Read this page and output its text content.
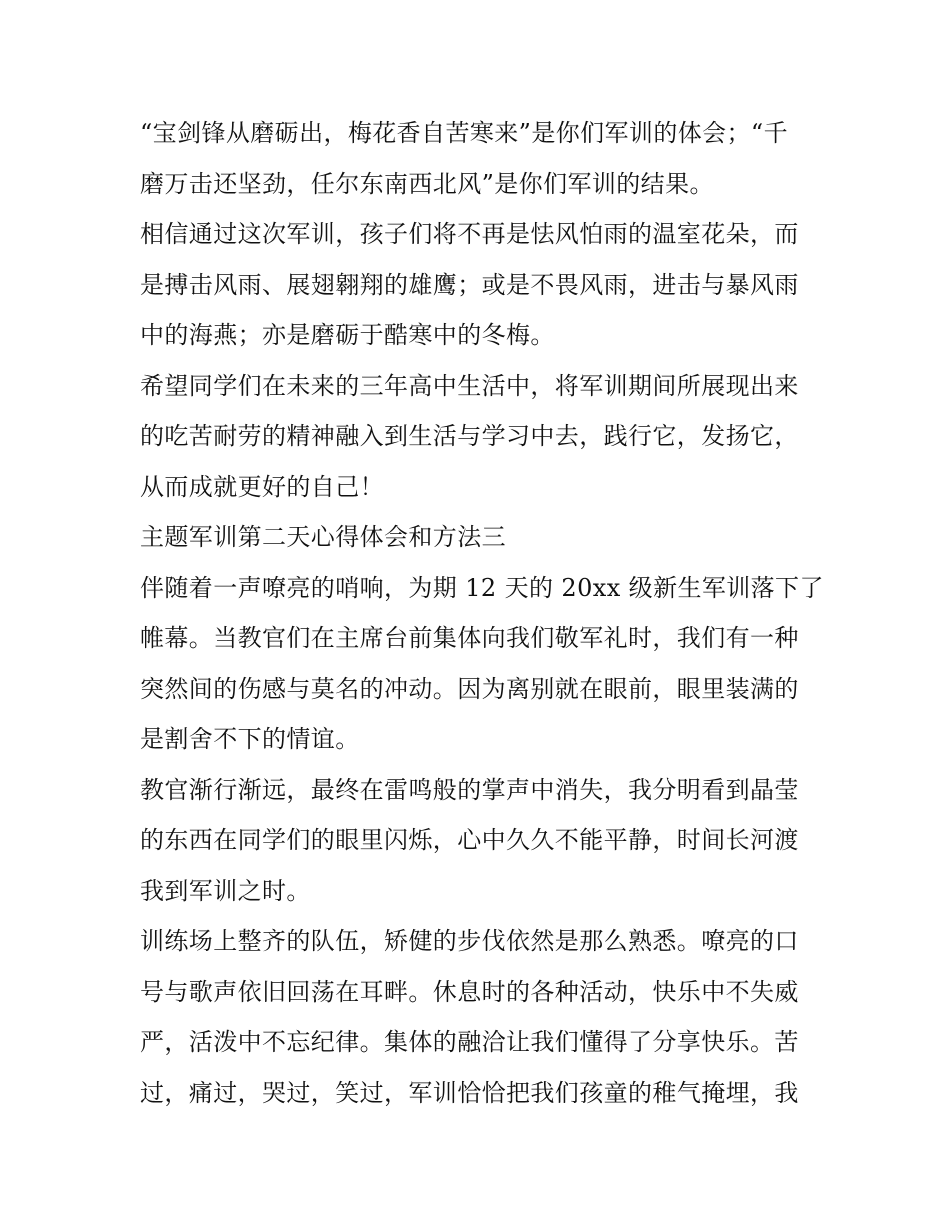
“宝剑锋从磨砺出，梅花香自苦寒来”是你们军训的体会；“千
磨万击还坚劲，任尔东南西北风”是你们军训的结果。
相信通过这次军训，孩子们将不再是怯风怕雨的温室花朵，而
是搏击风雨、展翅翱翔的雄鹰；或是不畏风雨，进击与暴风雨
中的海燕；亦是磨砺于酷寒中的冬梅。
希望同学们在未来的三年高中生活中，将军训期间所展现出来
的吃苦耐劳的精神融入到生活与学习中去，践行它，发扬它，
从而成就更好的自己！
主题军训第二天心得体会和方法三
伴随着一声嘹亮的哨响，为期 12 天的 20xx 级新生军训落下了
帷幕。当教官们在主席台前集体向我们敬军礼时，我们有一种
突然间的伤感与莫名的冲动。因为离别就在眼前，眼里装满的
是割舍不下的情谊。
教官渐行渐远，最终在雷鸣般的掌声中消失，我分明看到晶莹
的东西在同学们的眼里闪烁，心中久久不能平静，时间长河渡
我到军训之时。
训练场上整齐的队伍，矫健的步伐依然是那么熟悉。嘹亮的口
号与歌声依旧回荡在耳畔。休息时的各种活动，快乐中不失威
严，活泼中不忘纪律。集体的融洽让我们懂得了分享快乐。苦
过，痛过，哭过，笑过，军训恰恰把我们孩童的稚气掩埋，我
